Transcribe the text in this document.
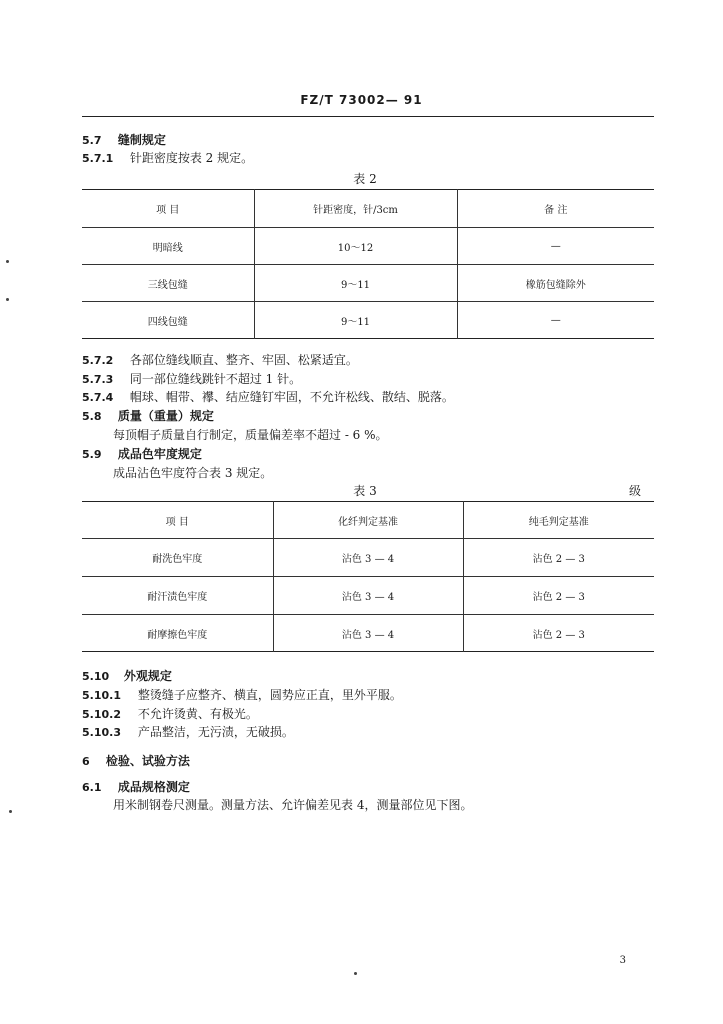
FZ/T 73002— 91
5.7 缝制规定
5.7.1 针距密度按表 2 规定。
表 2
项 目	针距密度，针/3cm	备 注
明暗线	10～12	—
三线包缝	9～11	橡筋包缝除外
四线包缝	9～11	—
5.7.2 各部位缝线顺直、整齐、牢固、松紧适宜。
5.7.3 同一部位缝线跳针不超过 1 针。
5.7.4 帽球、帽带、襻、结应缝钉牢固，不允许松线、散结、脱落。
5.8 质量（重量）规定
每顶帽子质量自行制定，质量偏差率不超过 - 6 %。
5.9 成品色牢度规定
成品沾色牢度符合表 3 规定。
表 3	级
项 目	化纤判定基准	纯毛判定基准
耐洗色牢度	沾色 3 — 4	沾色 2 — 3
耐汗渍色牢度	沾色 3 — 4	沾色 2 — 3
耐摩擦色牢度	沾色 3 — 4	沾色 2 — 3
5.10 外观规定
5.10.1 整烫缝子应整齐、横直，圆势应正直，里外平服。
5.10.2 不允许烫黄、有极光。
5.10.3 产品整洁，无污渍，无破损。
6 检验、试验方法
6.1 成品规格测定
用米制钢卷尺测量。测量方法、允许偏差见表 4，测量部位见下图。
3
